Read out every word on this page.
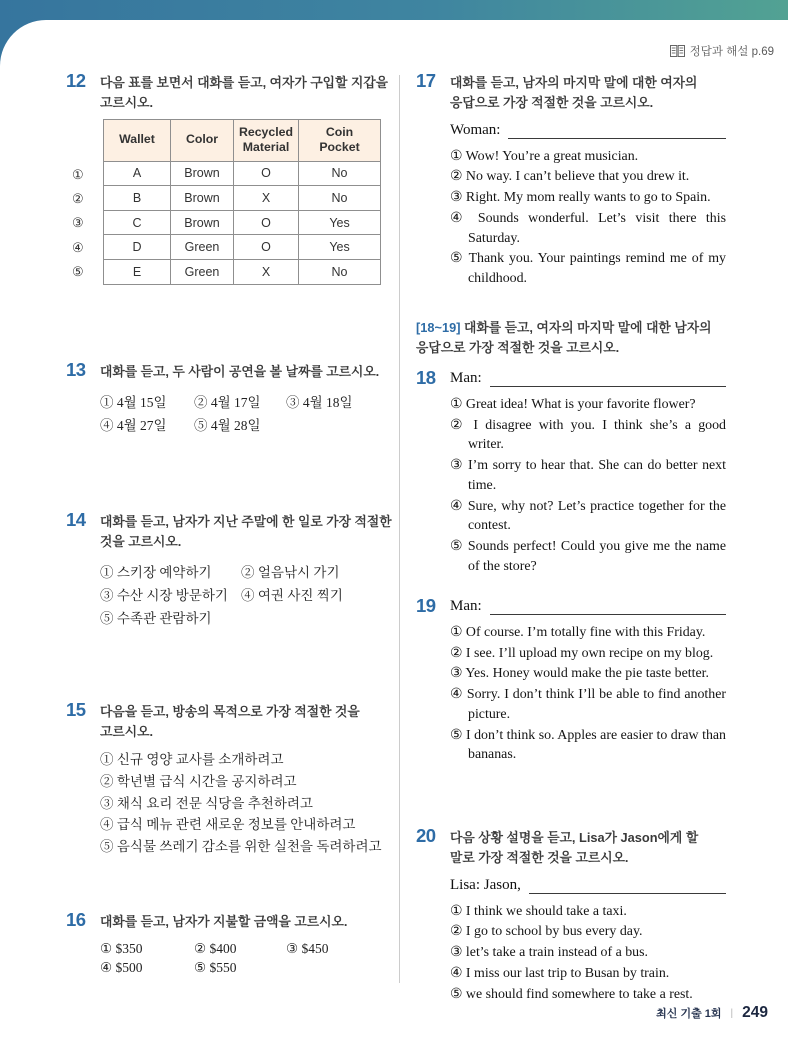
정답과 해설 p.69
12 다음 표를 보면서 대화를 듣고, 여자가 구입할 지갑을 고르시오.

①
②
③
④
⑤
Wallet	Color	Recycled Material	Coin Pocket
A	Brown	O	No
B	Brown	X	No
C	Brown	O	Yes
D	Green	O	Yes
E	Green	X	No
13 대화를 듣고, 두 사람이 공연을 볼 날짜를 고르시오.

① 4월 15일	② 4월 17일	③ 4월 18일
④ 4월 27일	⑤ 4월 28일
14 대화를 듣고, 남자가 지난 주말에 한 일로 가장 적절한 것을 고르시오.

① 스키장 예약하기	② 얼음낚시 가기
③ 수산 시장 방문하기 ④ 여권 사진 찍기
⑤ 수족관 관람하기
15 다음을 듣고, 방송의 목적으로 가장 적절한 것을 고르시오.

① 신규 영양 교사를 소개하려고
② 학년별 급식 시간을 공지하려고
③ 채식 요리 전문 식당을 추천하려고
④ 급식 메뉴 관련 새로운 정보를 안내하려고
⑤ 음식물 쓰레기 감소를 위한 실천을 독려하려고
16 대화를 듣고, 남자가 지불할 금액을 고르시오.

① $350	② $400	③ $450
④ $500	⑤ $550
17 대화를 듣고, 남자의 마지막 말에 대한 여자의 응답으로 가장 적절한 것을 고르시오.

Woman:
① Wow! You’re a great musician.
② No way. I can’t believe that you drew it.
③ Right. My mom really wants to go to Spain.
④ Sounds wonderful. Let’s visit there this Saturday.
⑤ Thank you. Your paintings remind me of my childhood.

[18~19] 대화를 듣고, 여자의 마지막 말에 대한 남자의 응답으로 가장 적절한 것을 고르시오.

18 Man:
① Great idea! What is your favorite flower?
② I disagree with you. I think she’s a good writer.
③ I’m sorry to hear that. She can do better next time.
④ Sure, why not? Let’s practice together for the contest.
⑤ Sounds perfect! Could you give me the name of the store?
19 Man:
① Of course. I’m totally fine with this Friday.
② I see. I’ll upload my own recipe on my blog.
③ Yes. Honey would make the pie taste better.
④ Sorry. I don’t think I’ll be able to find another picture.
⑤ I don’t think so. Apples are easier to draw than bananas.
20 다음 상황 설명을 듣고, Lisa가 Jason에게 할 말로 가장 적절한 것을 고르시오.

Lisa: Jason,
① I think we should take a taxi.
② I go to school by bus every day.
③ let’s take a train instead of a bus.
④ I miss our last trip to Busan by train.
⑤ we should find somewhere to take a rest.
최신 기출 1회 | 249
